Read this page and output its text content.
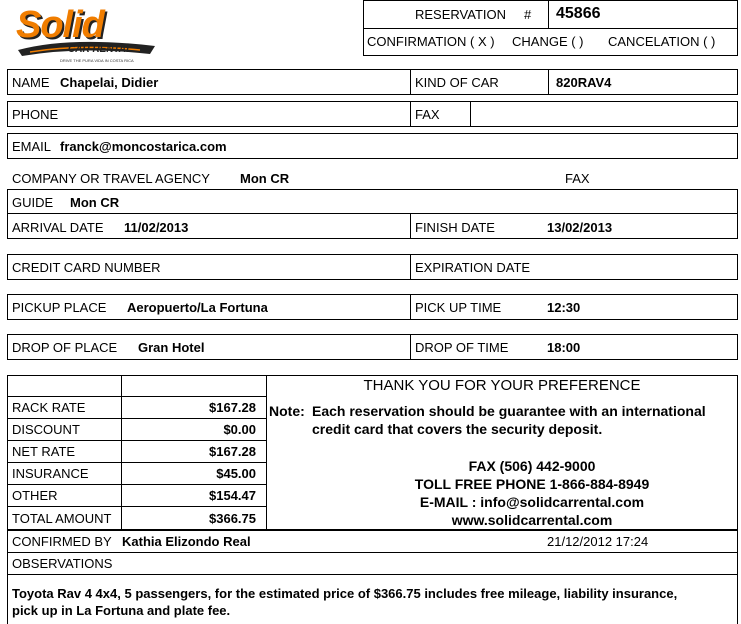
Solid
CAR RENTAL
DRIVE THE PURA VIDA IN COSTA RICA
RESERVATION # 45866
CONFIRMATION ( X ) CHANGE ( ) CANCELATION ( )
NAME Chapelai, Didier	KIND OF CAR	820RAV4
PHONE	FAX
EMAIL franck@moncostarica.com
COMPANY OR TRAVEL AGENCY Mon CR	FAX
GUIDE Mon CR
ARRIVAL DATE 11/02/2013	FINISH DATE	13/02/2013
CREDIT CARD NUMBER	EXPIRATION DATE
PICKUP PLACE Aeropuerto/La Fortuna	PICK UP TIME	12:30
DROP OF PLACE Gran Hotel	DROP OF TIME	18:00
RACK RATE	$167.28
DISCOUNT	$0.00
NET RATE	$167.28
INSURANCE	$45.00
OTHER	$154.47
TOTAL AMOUNT	$366.75
THANK YOU FOR YOUR PREFERENCE
Note: Each reservation should be guarantee with an international
credit card that covers the security deposit.
FAX (506) 442-9000
TOLL FREE PHONE 1-866-884-8949
E-MAIL : info@solidcarrental.com
www.solidcarrental.com
CONFIRMED BY Kathia Elizondo Real	21/12/2012 17:24
OBSERVATIONS
Toyota Rav 4 4x4, 5 passengers, for the estimated price of $366.75 includes free mileage, liability insurance,
pick up in La Fortuna and plate fee.
